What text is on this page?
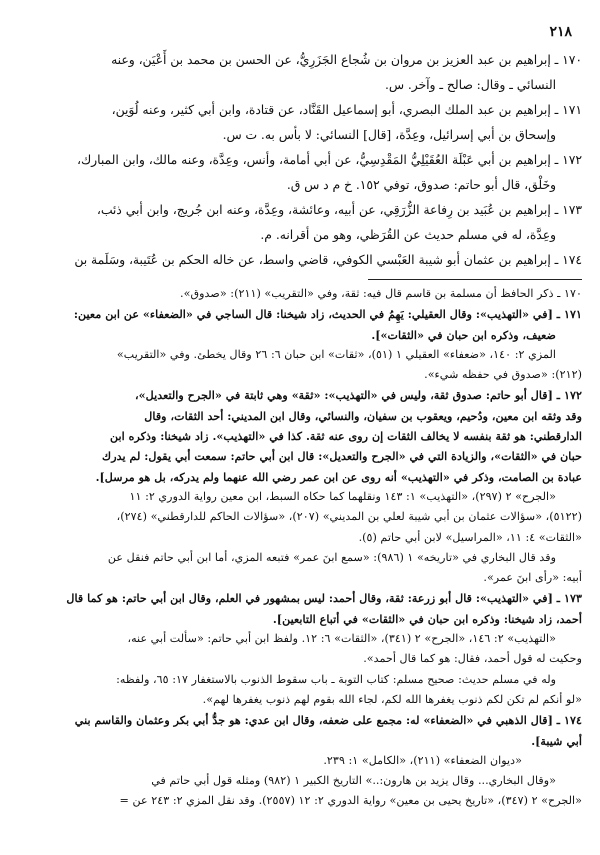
٢١٨
١٧٠ ـ إبراهيم بن عبد العزيز بن مروان بن شُجاع الجَزَرِيُّ، عن الحسن بن محمد بن أَعْيَن، وعنه
النسائي ـ وقال: صالح ـ وآخر. س.
١٧١ ـ إبراهيم بن عبد الملك البصري، أبو إسماعيل القَنَّاد، عن قتادة، وابن أبي كثير، وعنه لُوَين،
وإسحاق بن أبي إسرائيل، وعِدَّة، [قال] النسائي: لا بأس به. ت س.
١٧٢ ـ إبراهيم بن أبي عَبْلَة العُقَيْلِيُّ المَقْدِسِيُّ، عن أبي أمامة، وأنس، وعِدَّة، وعنه مالك، وابن المبارك،
وخَلْق، قال أبو حاتم: صدوق، توفي ١٥٢. خ م د س ق.
١٧٣ ـ إبراهيم بن عُبَيد بن رِفاعة الزُّرَقِي، عن أبيه، وعائشة، وعِدَّة، وعنه ابن جُريج، وابن أبي ذئب،
وعِدَّة، له في مسلم حديث عن القُرَظي، وهو من أقرانه. م.
١٧٤ ـ إبراهيم بن عثمان أبو شيبة العَبْسي الكوفي، قاضي واسط، عن خاله الحكم بن عُتَيبة، وسَلَمة بن
١٧٠ ـ ذكر الحافظ أن مسلمة بن قاسم قال فيه: ثقة، وفي «التقريب» (٢١١): «صدوق».
١٧١ ـ [في «التهذيب»: وقال العقيلي: يَهِمُ في الحديث، زاد شيخنا: قال الساجي في «الضعفاء» عن ابن معين:
ضعيف، وذكره ابن حبان في «الثقات»].
المزي ٢: ١٤٠، «ضعفاء» العقيلي ١ (٥١)، «ثقات» ابن حبان ٦: ٢٦ وقال يخطئ. وفي «التقريب»
(٢١٢): «صدوق في حفظه شيء».
١٧٢ ـ [قال أبو حاتم: صدوق ثقة، وليس في «التهذيب»: «ثقة» وهي ثابتة في «الجرح والتعديل»،
وقد وثقه ابن معين، ودُحيم، ويعقوب بن سفيان، والنسائي، وقال ابن المديني: أحد الثقات، وقال
الدارقطني: هو ثقة بنفسه لا يخالف الثقات إن روى عنه ثقة. كذا في «التهذيب». زاد شيخنا: وذكره ابن
حبان في «الثقات»، والزيادة التي في «الجرح والتعديل»: قال ابن أبي حاتم: سمعت أبي يقول: لم يدرك
عبادة بن الصامت، وذكر في «التهذيب» أنه روى عن ابن عمر رضي الله عنهما ولم يدركه، بل هو مرسل].
«الجرح» ٢ (٢٩٧)، «التهذيب» ١: ١٤٣ ونقلهما كما حكاه السبط، ابن معين رواية الدوري ٢: ١١
(٥١٢٢)، «سؤالات عثمان بن أبي شيبة لعلي بن المديني» (٢٠٧)، «سؤالات الحاكم للدارقطني» (٢٧٤)،
«الثقات» ٤: ١١، «المراسيل» لابن أبي حاتم (٥).
وقد قال البخاري في «تاريخه» ١ (٩٨٦): «سمع ابنَ عمر» فتبعه المزي، أما ابن أبي حاتم فنقل عن
أبيه: «رأى ابنَ عمر».
١٧٣ ـ [في «التهذيب»: قال أبو زرعة: ثقة، وقال أحمد: ليس بمشهور في العلم، وقال ابن أبي حاتم: هو كما قال
أحمد، زاد شيخنا: وذكره ابن حبان في «الثقات» في أتباع التابعين].
«التهذيب» ٢: ١٤٦، «الجرح» ٢ (٣٤١)، «الثقات» ٦: ١٢. ولفظ ابن أبي حاتم: «سألت أبي عنه،
وحكيت له قول أحمد، فقال: هو كما قال أحمد».
وله في مسلم حديث: صحيح مسلم: كتاب التوبة ـ باب سقوط الذنوب بالاستغفار ١٧: ٦٥، ولفظه:
«لو أنكم لم تكن لكم ذنوب يغفرها الله لكم، لجاء الله بقوم لهم ذنوب يغفرها لهم».
١٧٤ ـ [قال الذهبي في «الضعفاء» له: مجمع على ضعفه، وقال ابن عدي: هو جدُّ أبي بكر وعثمان والقاسم بني
أبي شيبة].
«ديوان الضعفاء» (٢١١)، «الكامل» ١: ٢٣٩.
«وقال البخاري... وقال يزيد بن هارون:..» التاريخ الكبير ١ (٩٨٢) ومثله قول أبي حاتم في
«الجرح» ٢ (٣٤٧)، «تاريخ يحيى بن معين» رواية الدوري ٢: ١٢ (٢٥٥٧). وقد نقل المزي ٢: ٢٤٣ عن =
